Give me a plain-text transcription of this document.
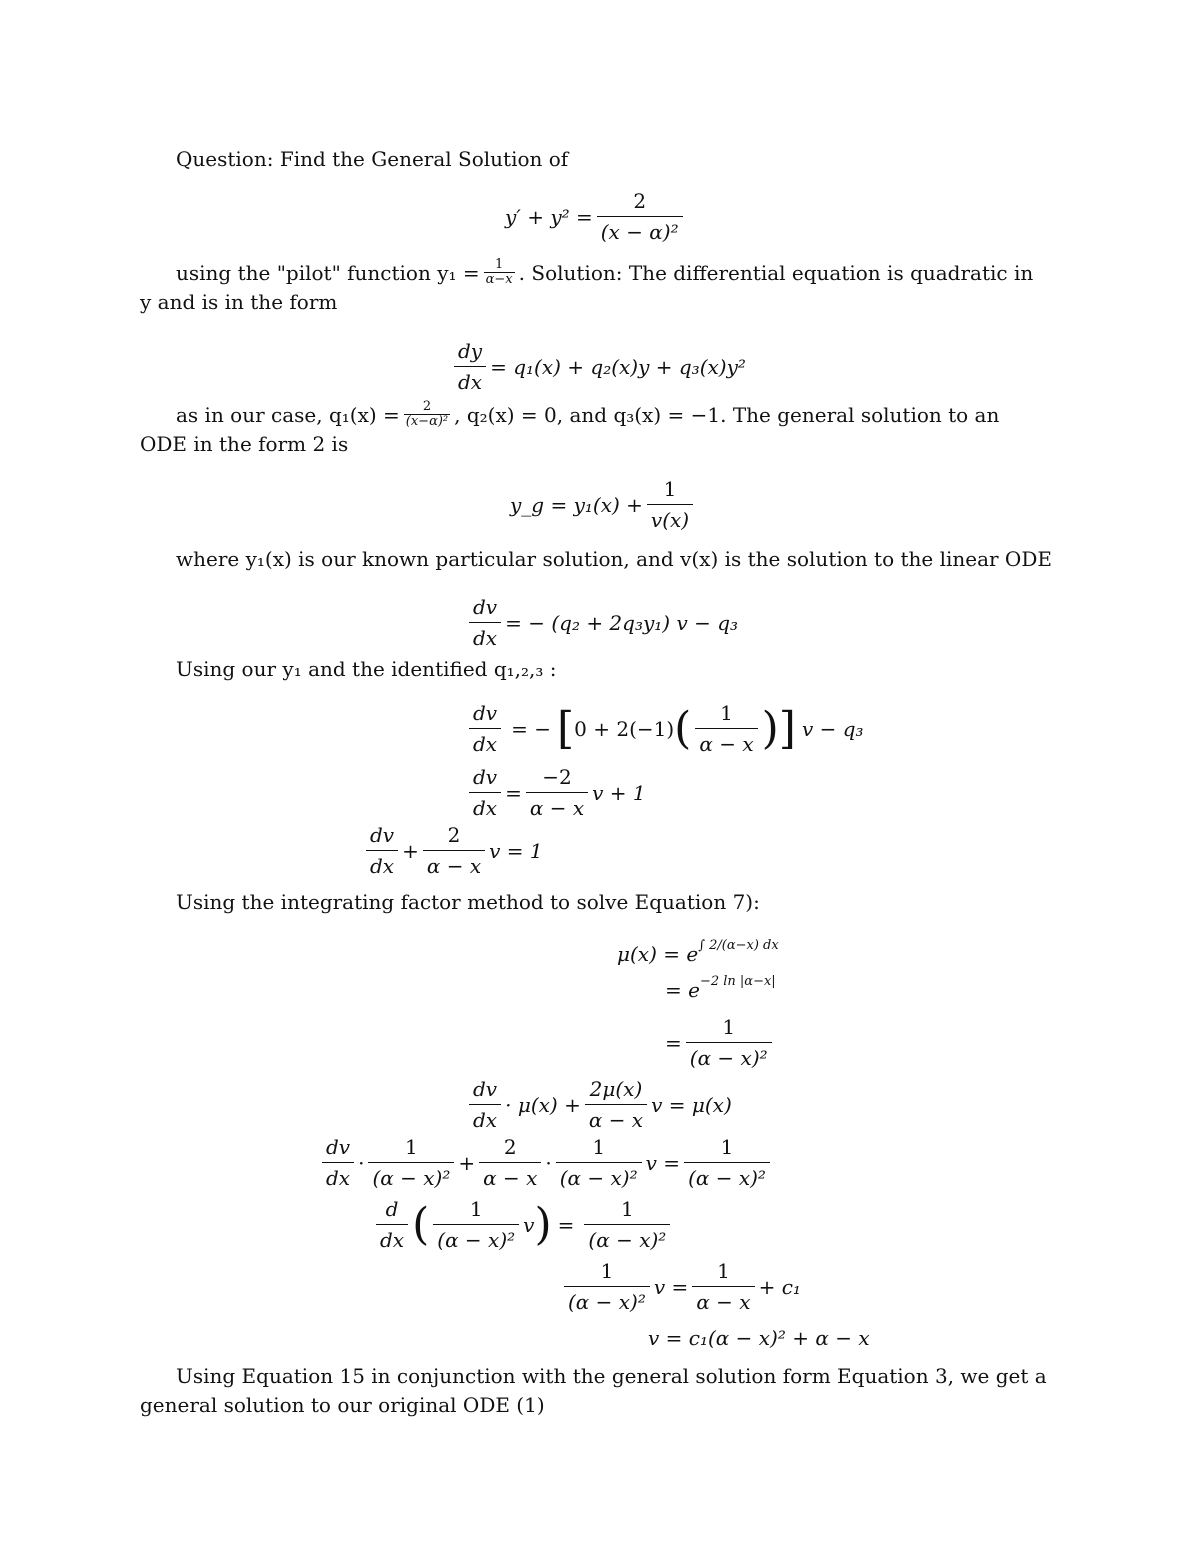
Question: Find the General Solution of
$y' + y^2 = \frac{2}{\text{(x − α)²}}$
using the "pilot" function $y_1 = \frac{1}{\alpha-x}$ . Solution: The differential equation is quadratic in
y and is in the form
$\frac{dy}{dx} = q_1(x) + q_2(x)y + q_3(x)y^2$
as in our case, $q_1(x) = \frac{2}{\text{(x−α)²}}$ , q₂(x) = 0, and q₃(x) = −1. The general solution to an
ODE in the form 2 is
y_g = $y_1(x) + \frac{1}{v(x)}$
where y₁(x) is our known particular solution, and v(x) is the solution to the linear ODE
$\frac{dv}{dx}$ = − (q₂ + 2q₃y₁) v − q₃
Using our y₁ and the identified q₁,₂,₃ :
$\frac{dv}{dx}$ = − [ 0 + 2(−1) ( $\frac{1}{\alpha - x}$ ) ] v − q₃
$\frac{dv}{dx} = \frac{-2}{\alpha - x}$ v + 1
$\frac{dv}{dx} + \frac{2}{\alpha - x}$ v = 1
Using the integrating factor method to solve Equation 7):
μ(x) = e ∫ 2/(α−x) dx
= e −2 ln |α−x|
= $\frac{1}{\text{(α − x)²}}$
$\frac{dv}{dx} \cdot \mu(x) + \frac{2\mu(x)}{\alpha - x}$ v = μ(x)
$\frac{dv}{dx} \cdot \frac{1}{\text{(α − x)²}} + \frac{2}{\alpha - x} \cdot \frac{1}{\text{(α − x)²}}$ $v = \frac{1}{\text{(α − x)²}}$
$\frac{d}{dx}$ ( $\frac{1}{\text{(α − x)²}}$ v ) = $\frac{1}{\text{(α − x)²}}$
$\frac{1}{\text{(α − x)²}}$ $v = \frac{1}{\alpha - x} + c_1$
v = c₁(α − x)² + α − x
Using Equation 15 in conjunction with the general solution form Equation 3, we get a
general solution to our original ODE (1)
